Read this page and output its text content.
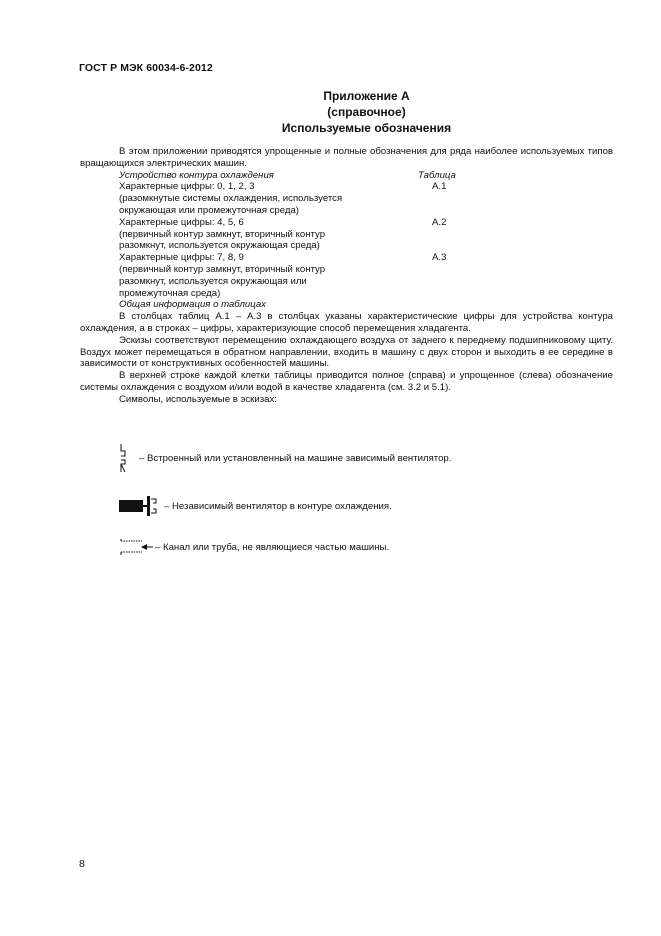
ГОСТ Р МЭК 60034-6-2012
Приложение А
(справочное)
Используемые обозначения

В этом приложении приводятся упрощенные и полные обозначения для ряда наиболее используемых типов вращающихся электрических машин.

Устройство контура охлаждения	Таблица
Характерные цифры: 0, 1, 2, 3	А.1
(разомкнутые системы охлаждения, используется
окружающая или промежуточная среда)
Характерные цифры: 4, 5, 6	А.2
(первичный контур замкнут, вторичный контур
разомкнут, используется окружающая среда)
Характерные цифры: 7, 8, 9	А.3
(первичный контур замкнут, вторичный контур
разомкнут, используется окружающая или
промежуточная среда)
Общая информация о таблицах

В столбцах таблиц А.1 – А.3 в столбцах указаны характеристические цифры для устройства контура охлаждения, а в строках – цифры, характеризующие способ перемещения хладагента.

Эскизы соответствуют перемещению охлаждающего воздуха от заднего к переднему подшипниковому щиту. Воздух может перемещаться в обратном направлении, входить в машину с двух сторон и выходить в ее середине в зависимости от конструктивных особенностей машины.

В верхней строке каждой клетки таблицы приводится полное (справа) и упрощенное (слева) обозначение системы охлаждения с воздухом и/или водой в качестве хладагента (см. 3.2 и 5.1).

Символы, используемые в эскизах:

– Встроенный или установленный на машине зависимый вентилятор.
– Независимый вентилятор в контуре охлаждения.
– Канал или труба, не являющиеся частью машины.
8
